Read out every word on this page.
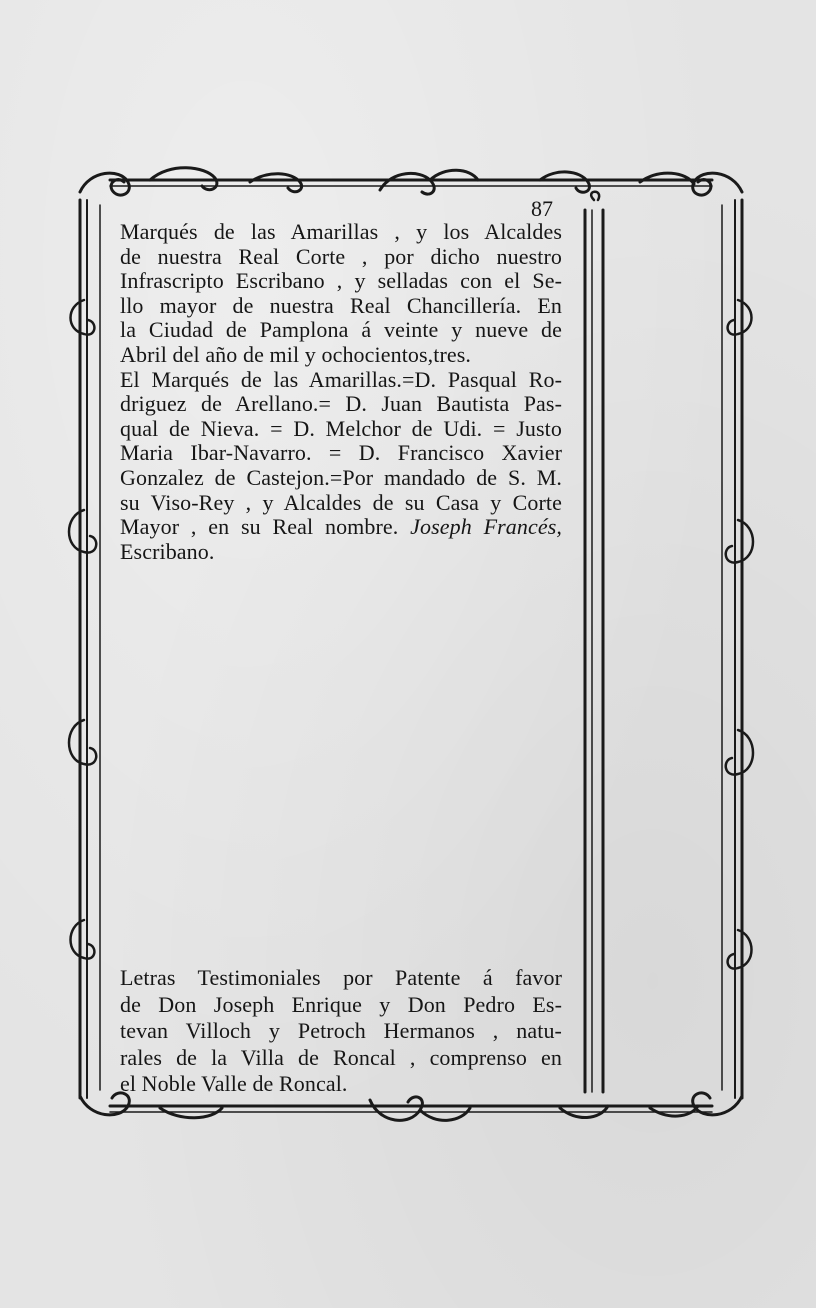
87
Marqués de las Amarillas , y los Alcaldes
de nuestra Real Corte , por dicho nuestro
Infrascripto Escribano , y selladas con el Se-
llo mayor de nuestra Real Chancillería. En
la Ciudad de Pamplona á veinte y nueve de
Abril del año de mil y ochocientos,tres.
El Marqués de las Amarillas.=D. Pasqual Ro-
driguez de Arellano.= D. Juan Bautista Pas-
qual de Nieva. = D. Melchor de Udi. = Justo
Maria Ibar-Navarro. = D. Francisco Xavier
Gonzalez de Castejon.=Por mandado de S. M.
su Viso-Rey , y Alcaldes de su Casa y Corte
Mayor , en su Real nombre. Joseph Francés,
Escribano.
Letras Testimoniales por Patente á favor
de Don Joseph Enrique y Don Pedro Es-
tevan Villoch y Petroch Hermanos , natu-
rales de la Villa de Roncal , comprenso en
el Noble Valle de Roncal.
